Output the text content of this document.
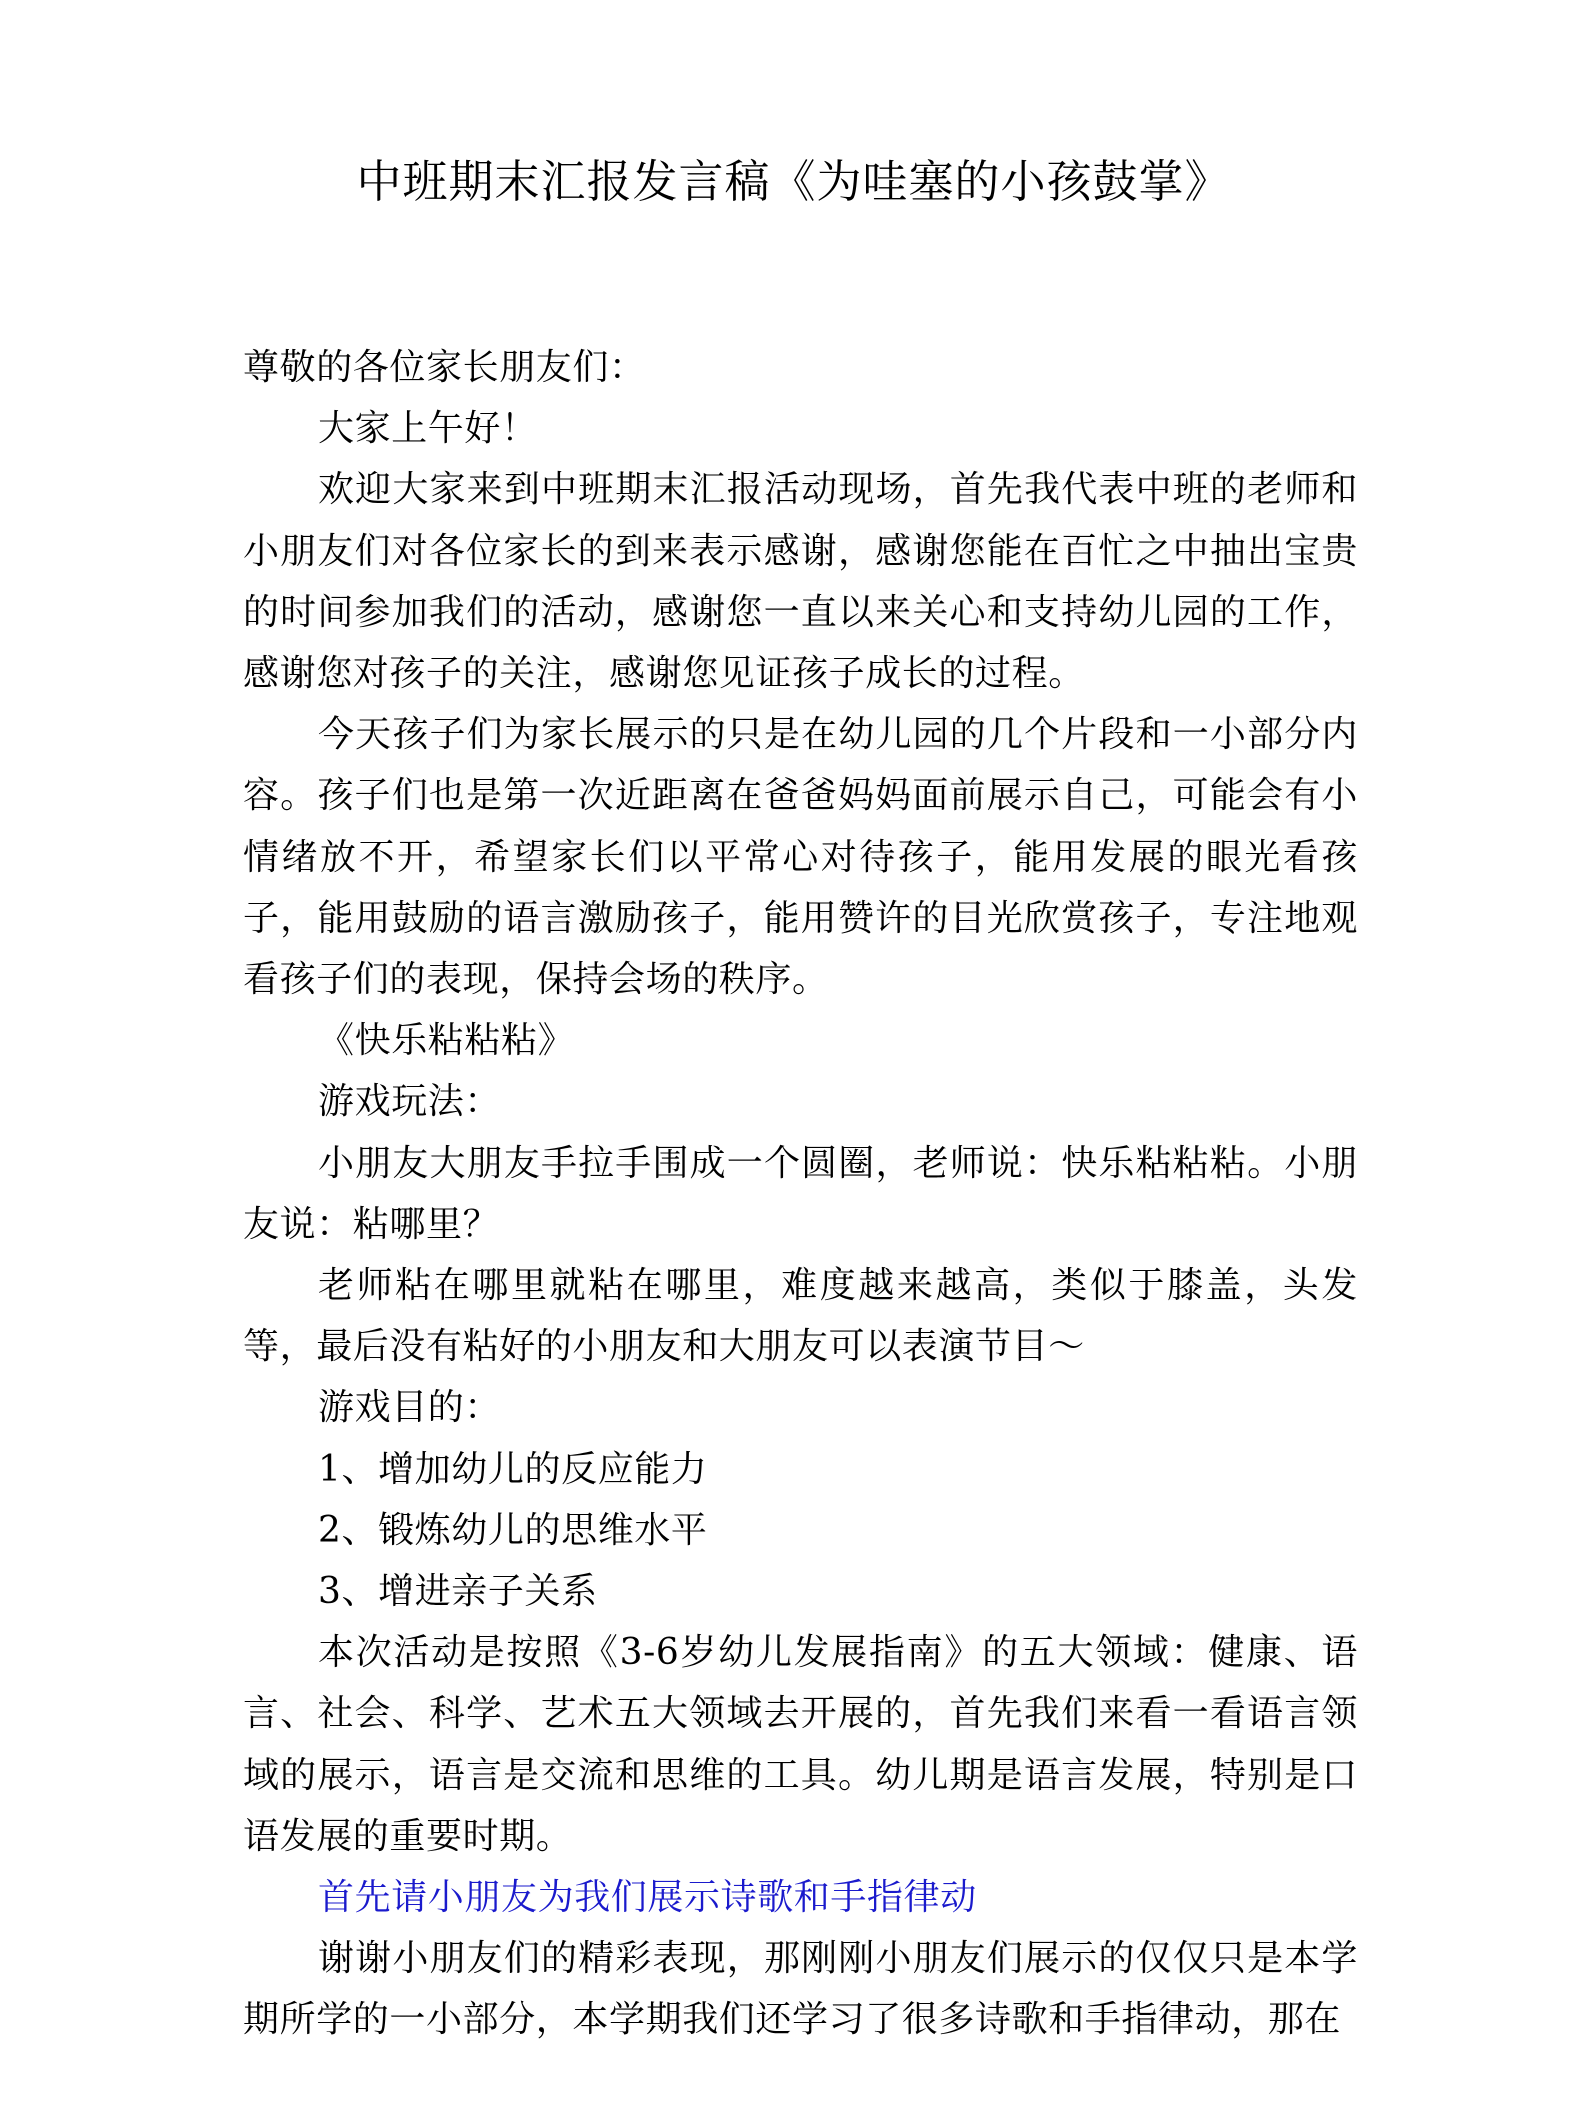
中班期末汇报发言稿《为哇塞的小孩鼓掌》

尊敬的各位家长朋友们：

大家上午好！

欢迎大家来到中班期末汇报活动现场，首先我代表中班的老师和小朋友们对各位家长的到来表示感谢，感谢您能在百忙之中抽出宝贵的时间参加我们的活动，感谢您一直以来关心和支持幼儿园的工作，感谢您对孩子的关注，感谢您见证孩子成长的过程。

今天孩子们为家长展示的只是在幼儿园的几个片段和一小部分内容。孩子们也是第一次近距离在爸爸妈妈面前展示自己，可能会有小情绪放不开，希望家长们以平常心对待孩子，能用发展的眼光看孩子，能用鼓励的语言激励孩子，能用赞许的目光欣赏孩子，专注地观看孩子们的表现，保持会场的秩序。

《快乐粘粘粘》

游戏玩法：

小朋友大朋友手拉手围成一个圆圈，老师说：快乐粘粘粘。小朋友说：粘哪里？

老师粘在哪里就粘在哪里，难度越来越高，类似于膝盖，头发等，最后没有粘好的小朋友和大朋友可以表演节目～

游戏目的：

1、增加幼儿的反应能力

2、锻炼幼儿的思维水平

3、增进亲子关系

本次活动是按照《3-6岁幼儿发展指南》的五大领域：健康、语言、社会、科学、艺术五大领域去开展的，首先我们来看一看语言领域的展示，语言是交流和思维的工具。幼儿期是语言发展，特别是口语发展的重要时期。

首先请小朋友为我们展示诗歌和手指律动

谢谢小朋友们的精彩表现，那刚刚小朋友们展示的仅仅只是本学期所学的一小部分，本学期我们还学习了很多诗歌和手指律动，那在
